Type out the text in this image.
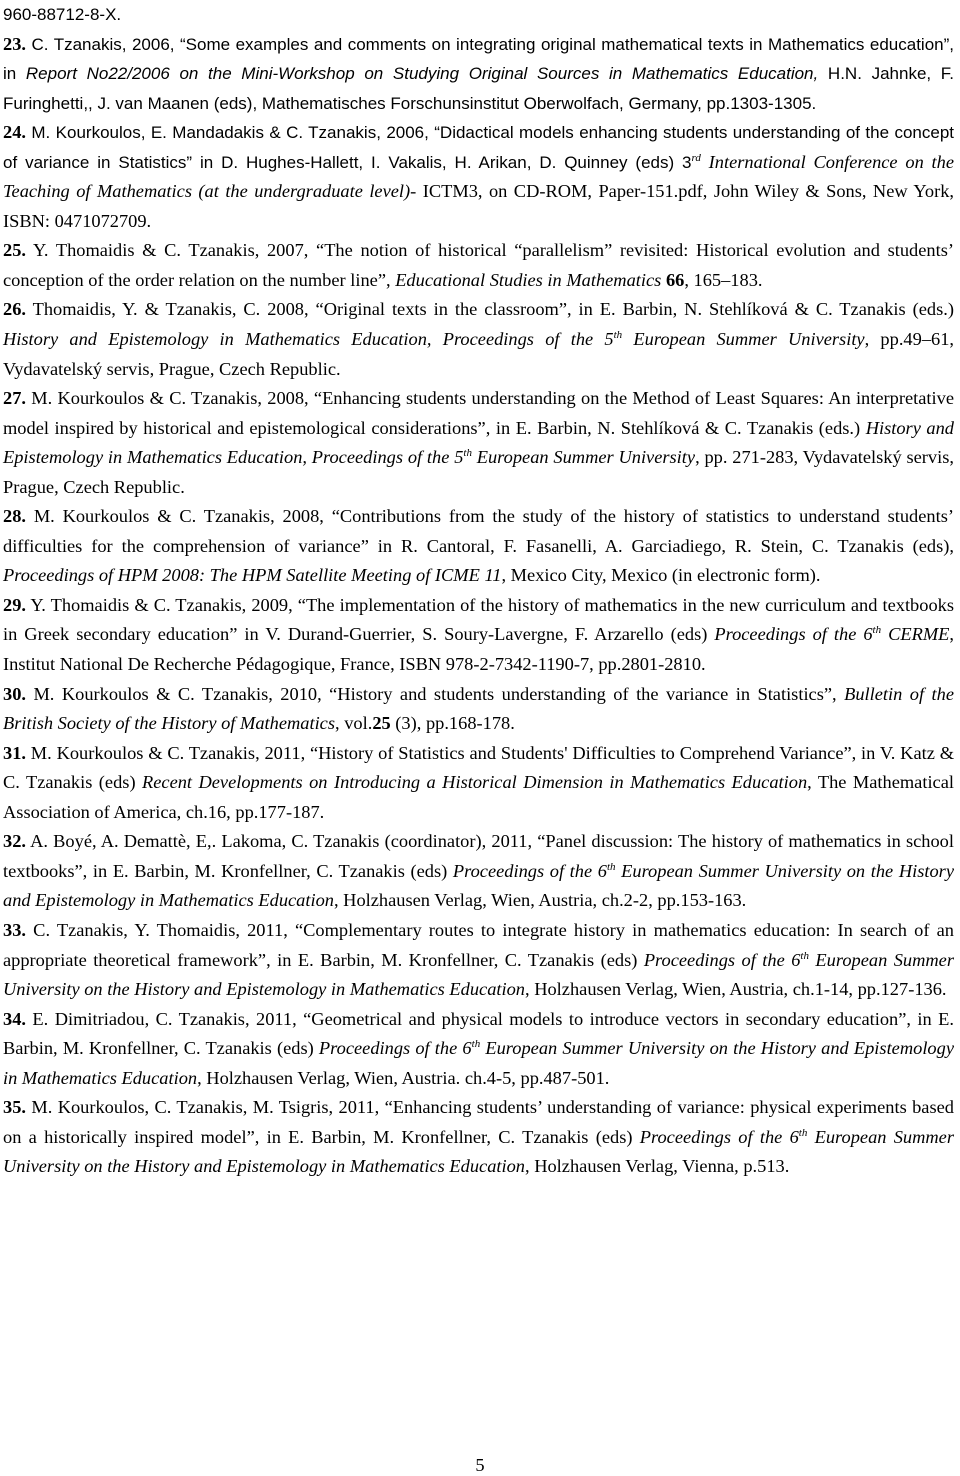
960-88712-8-X.

23. C. Tzanakis, 2006, “Some examples and comments on integrating original mathematical texts in Mathematics education”, in Report No22/2006 on the Mini-Workshop on Studying Original Sources in Mathematics Education, H.N. Jahnke, F. Furinghetti,, J. van Maanen (eds), Mathematisches Forschunsinstitut Oberwolfach, Germany, pp.1303-1305.

24. M. Kourkoulos, E. Mandadakis & C. Tzanakis, 2006, “Didactical models enhancing students understanding of the concept of variance in Statistics” in D. Hughes-Hallett, I. Vakalis, H. Arikan, D. Quinney (eds) 3rd International Conference on the Teaching of Mathematics (at the undergraduate level)- ICTM3, on CD-ROM, Paper-151.pdf, John Wiley & Sons, New York, ISBN: 0471072709.

25. Y. Thomaidis & C. Tzanakis, 2007, “The notion of historical “parallelism” revisited: Historical evolution and students’ conception of the order relation on the number line”, Educational Studies in Mathematics 66, 165–183.

26. Thomaidis, Y. & Tzanakis, C. 2008, “Original texts in the classroom”, in E. Barbin, N. Stehlíková & C. Tzanakis (eds.) History and Epistemology in Mathematics Education, Proceedings of the 5th European Summer University, pp.49–61, Vydavatelský servis, Prague, Czech Republic.

27. M. Kourkoulos & C. Tzanakis, 2008, “Enhancing students understanding on the Method of Least Squares: An interpretative model inspired by historical and epistemological considerations”, in E. Barbin, N. Stehlíková & C. Tzanakis (eds.) History and Epistemology in Mathematics Education, Proceedings of the 5th European Summer University, pp. 271-283, Vydavatelský servis, Prague, Czech Republic.

28. M. Kourkoulos & C. Tzanakis, 2008, “Contributions from the study of the history of statistics to understand students’ difficulties for the comprehension of variance” in R. Cantoral, F. Fasanelli, A. Garciadiego, R. Stein, C. Tzanakis (eds), Proceedings of HPM 2008: The HPM Satellite Meeting of ICME 11, Mexico City, Mexico (in electronic form).

29. Y. Thomaidis & C. Tzanakis, 2009, “The implementation of the history of mathematics in the new curriculum and textbooks in Greek secondary education” in V. Durand-Guerrier, S. Soury-Lavergne, F. Arzarello (eds) Proceedings of the 6th CERME, Institut National De Recherche Pédagogique, France, ISBN 978-2-7342-1190-7, pp.2801-2810.

30. M. Kourkoulos & C. Tzanakis, 2010, “History and students understanding of the variance in Statistics”, Bulletin of the British Society of the History of Mathematics, vol.25 (3), pp.168-178.

31. M. Kourkoulos & C. Tzanakis, 2011, “History of Statistics and Students' Difficulties to Comprehend Variance”, in V. Katz & C. Tzanakis (eds) Recent Developments on Introducing a Historical Dimension in Mathematics Education, The Mathematical Association of America, ch.16, pp.177-187.

32. A. Boyé, A. Demattè, E,. Lakoma, C. Tzanakis (coordinator), 2011, “Panel discussion: The history of mathematics in school textbooks”, in E. Barbin, M. Kronfellner, C. Tzanakis (eds) Proceedings of the 6th European Summer University on the History and Epistemology in Mathematics Education, Holzhausen Verlag, Wien, Austria, ch.2-2, pp.153-163.

33. C. Tzanakis, Y. Thomaidis, 2011, “Complementary routes to integrate history in mathematics education: In search of an appropriate theoretical framework”, in E. Barbin, M. Kronfellner, C. Tzanakis (eds) Proceedings of the 6th European Summer University on the History and Epistemology in Mathematics Education, Holzhausen Verlag, Wien, Austria, ch.1-14, pp.127-136.

34. E. Dimitriadou, C. Tzanakis, 2011, “Geometrical and physical models to introduce vectors in secondary education”, in E. Barbin, M. Kronfellner, C. Tzanakis (eds) Proceedings of the 6th European Summer University on the History and Epistemology in Mathematics Education, Holzhausen Verlag, Wien, Austria. ch.4-5, pp.487-501.

35. M. Kourkoulos, C. Tzanakis, M. Tsigris, 2011, “Enhancing students’ understanding of variance: physical experiments based on a historically inspired model”, in E. Barbin, M. Kronfellner, C. Tzanakis (eds) Proceedings of the 6th European Summer University on the History and Epistemology in Mathematics Education, Holzhausen Verlag, Vienna, p.513.

5
